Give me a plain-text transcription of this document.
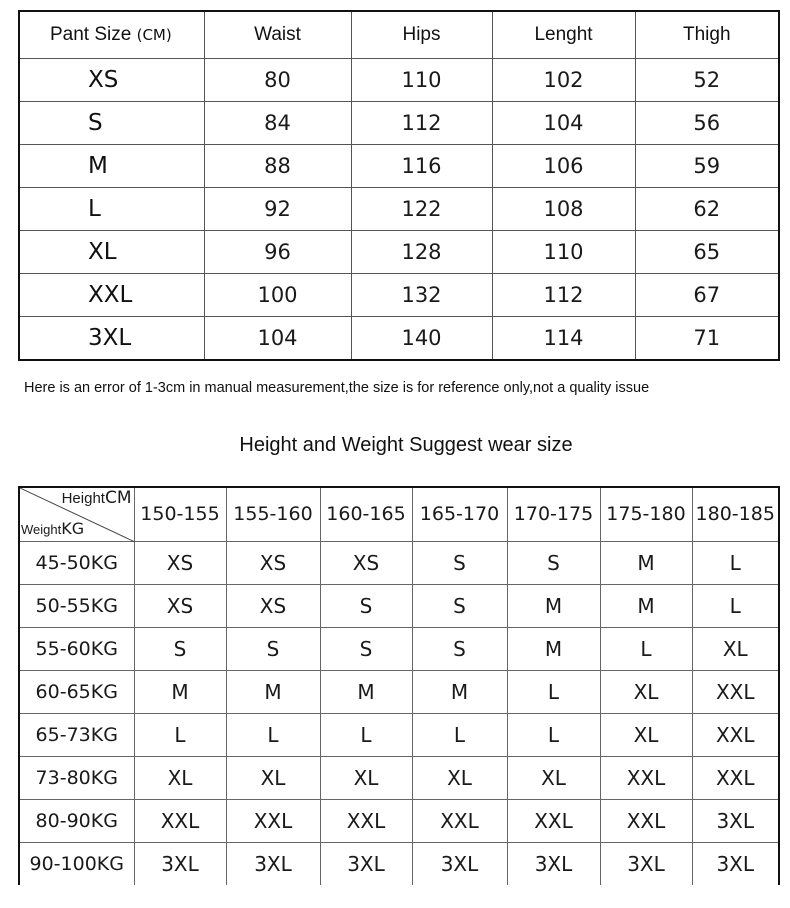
Pant Size (CM)	Waist	Hips	Lenght	Thigh
XS	80	110	102	52
S	84	112	104	56
M	88	116	106	59
L	92	122	108	62
XL	96	128	110	65
XXL	100	132	112	67
3XL	104	140	114	71
Here is an error of 1-3cm in manual measurement,the size is for reference only,not a quality issue
Height and Weight Suggest wear size
HeightCM
WeightKG	150-155	155-160	160-165	165-170	170-175	175-180	180-185
45-50KG	XS	XS	XS	S	S	M	L
50-55KG	XS	XS	S	S	M	M	L
55-60KG	S	S	S	S	M	L	XL
60-65KG	M	M	M	M	L	XL	XXL
65-73KG	L	L	L	L	L	XL	XXL
73-80KG	XL	XL	XL	XL	XL	XXL	XXL
80-90KG	XXL	XXL	XXL	XXL	XXL	XXL	3XL
90-100KG	3XL	3XL	3XL	3XL	3XL	3XL	3XL
